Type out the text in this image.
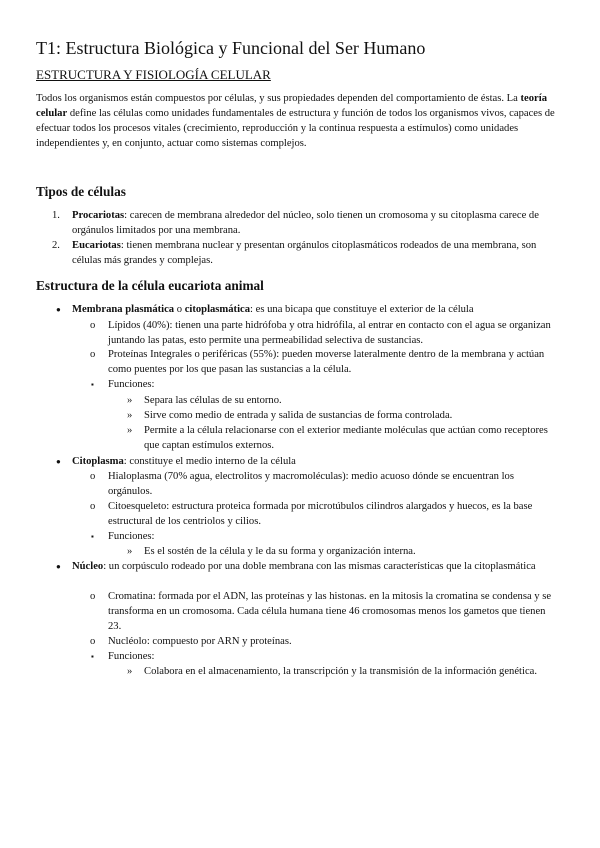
T1: Estructura Biológica y Funcional del Ser Humano
ESTRUCTURA Y FISIOLOGÍA CELULAR
Todos los organismos están compuestos por células, y sus propiedades dependen del comportamiento de éstas. La teoría celular define las células como unidades fundamentales de estructura y función de todos los organismos vivos, capaces de efectuar todos los procesos vitales (crecimiento, reproducción y la continua respuesta a estímulos) como unidades independientes y, en conjunto, actuar como sistemas complejos.
Tipos de células
1. Procariotas: carecen de membrana alrededor del núcleo, solo tienen un cromosoma y su citoplasma carece de orgánulos limitados por una membrana.
2. Eucariotas: tienen membrana nuclear y presentan orgánulos citoplasmáticos rodeados de una membrana, son células más grandes y complejas.
Estructura de la célula eucariota animal
● Membrana plasmática o citoplasmática: es una bicapa que constituye el exterior de la célula
o Lípidos (40%): tienen una parte hidrófoba y otra hidrófila, al entrar en contacto con el agua se organizan juntando las patas, esto permite una permeabilidad selectiva de sustancias.
o Proteínas Integrales o periféricas (55%): pueden moverse lateralmente dentro de la membrana y actúan como puentes por los que pasan las sustancias a la célula.
▪ Funciones:
» Separa las células de su entorno.
» Sirve como medio de entrada y salida de sustancias de forma controlada.
» Permite a la célula relacionarse con el exterior mediante moléculas que actúan como receptores que captan estímulos externos.
● Citoplasma: constituye el medio interno de la célula
o Hialoplasma (70% agua, electrolitos y macromoléculas): medio acuoso dónde se encuentran los orgánulos.
o Citoesqueleto: estructura proteica formada por microtúbulos cilindros alargados y huecos, es la base estructural de los centriolos y cilios.
▪ Funciones:
» Es el sostén de la célula y le da su forma y organización interna.
● Núcleo: un corpúsculo rodeado por una doble membrana con las mismas características que la citoplasmática
o Cromatina: formada por el ADN, las proteínas y las histonas. en la mitosis la cromatina se condensa y se transforma en un cromosoma. Cada célula humana tiene 46 cromosomas menos los gametos que tienen 23.
o Nucléolo: compuesto por ARN y proteínas.
▪ Funciones:
» Colabora en el almacenamiento, la transcripción y la transmisión de la información genética.
